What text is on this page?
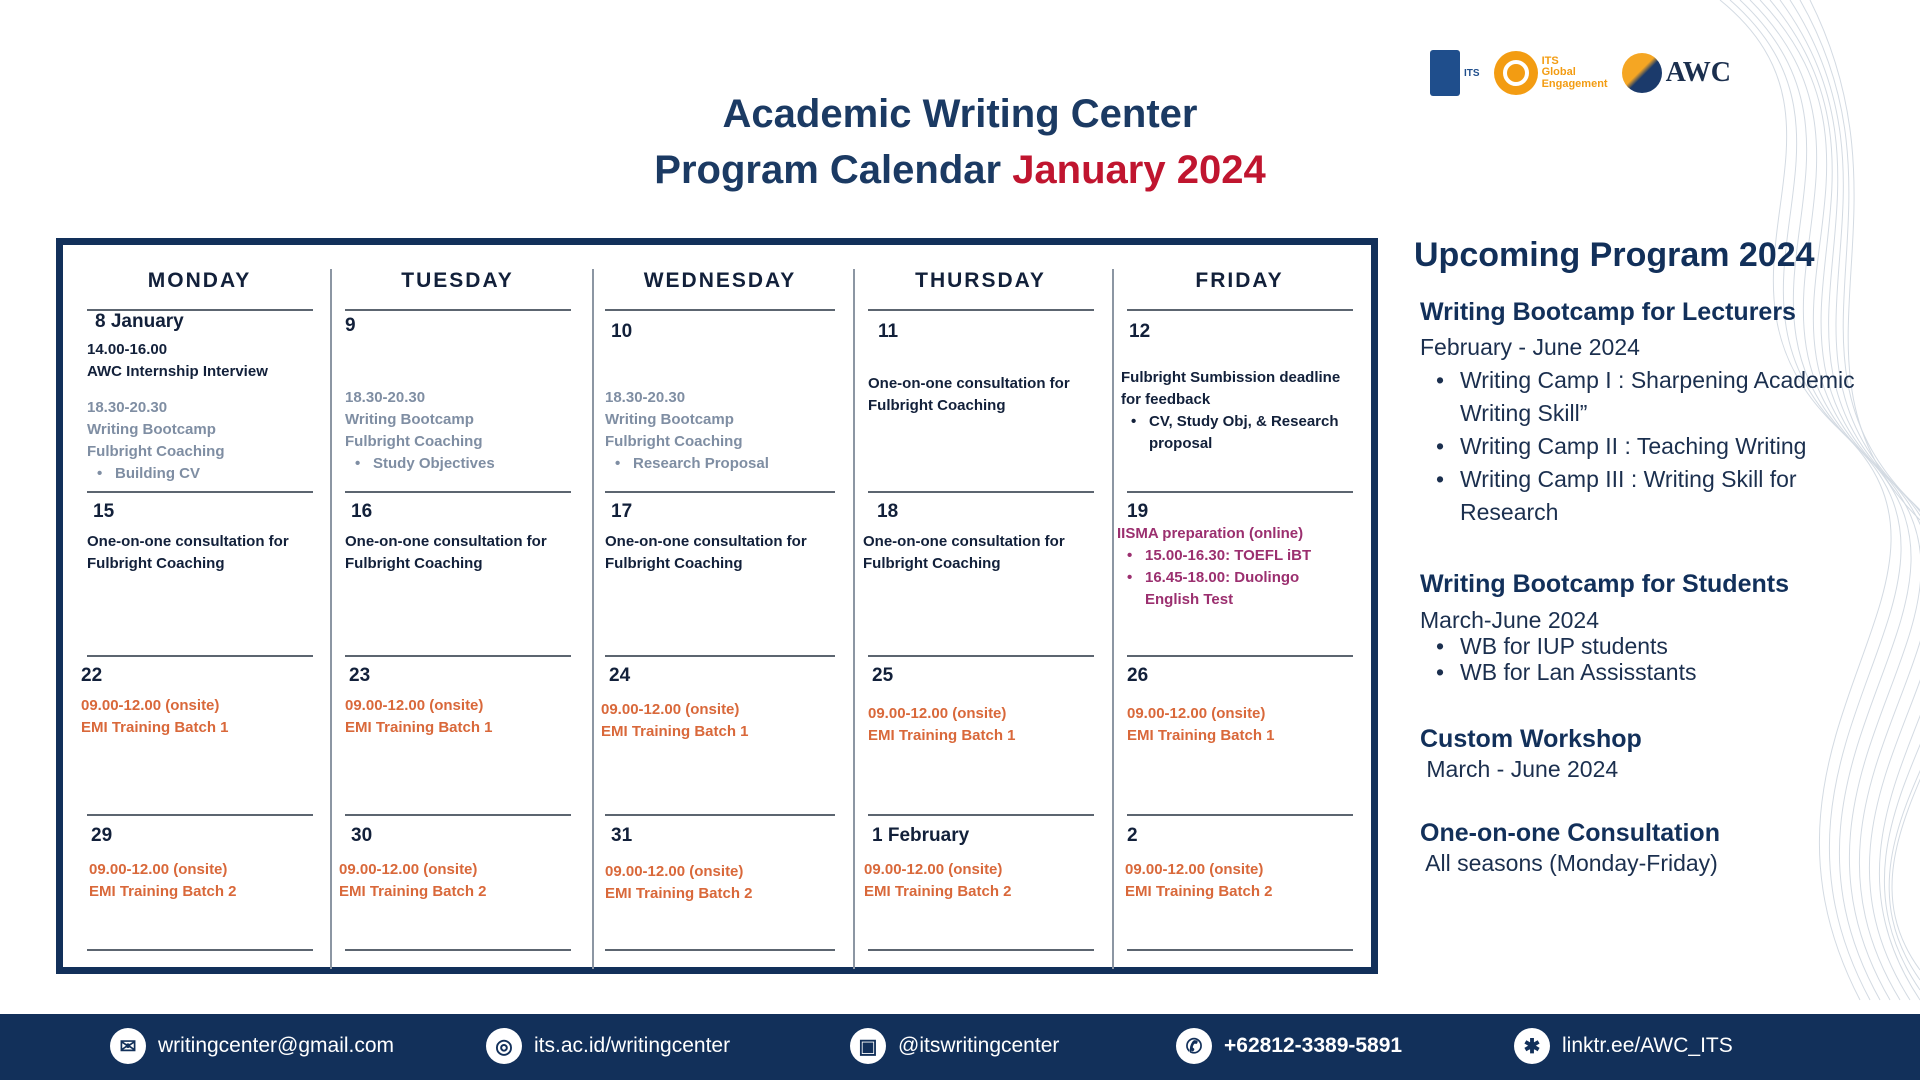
ITS
ITS
Global
Engagement AWC
Academic Writing Center
Program Calendar January 2024
MONDAY	TUESDAY	WEDNESDAY	THURSDAY	FRIDAY
8 January
14.00-16.00
AWC Internship Interview
18.30-20.30
Writing Bootcamp
Fulbright Coaching
• Building CV
9
18.30-20.30
Writing Bootcamp
Fulbright Coaching
• Study Objectives
10
18.30-20.30
Writing Bootcamp
Fulbright Coaching
• Research Proposal
11
One-on-one consultation for
Fulbright Coaching
12
Fulbright Sumbission deadline
for feedback
• CV, Study Obj, & Research
proposal
15
One-on-one consultation for
Fulbright Coaching
16
One-on-one consultation for
Fulbright Coaching
17
One-on-one consultation for
Fulbright Coaching
18
One-on-one consultation for
Fulbright Coaching
19
IISMA preparation (online)
• 15.00-16.30: TOEFL iBT
• 16.45-18.00: Duolingo
English Test
22
09.00-12.00 (onsite)
EMI Training Batch 1
23
09.00-12.00 (onsite)
EMI Training Batch 1
24
09.00-12.00 (onsite)
EMI Training Batch 1
25
09.00-12.00 (onsite)
EMI Training Batch 1
26
09.00-12.00 (onsite)
EMI Training Batch 1
29
09.00-12.00 (onsite)
EMI Training Batch 2
30
09.00-12.00 (onsite)
EMI Training Batch 2
31
09.00-12.00 (onsite)
EMI Training Batch 2
1 February
09.00-12.00 (onsite)
EMI Training Batch 2
2
09.00-12.00 (onsite)
EMI Training Batch 2
Upcoming Program 2024
Writing Bootcamp for Lecturers
February - June 2024
• Writing Camp I : Sharpening Academic Writing Skill”
• Writing Camp II : Teaching Writing
• Writing Camp III : Writing Skill for Research
Writing Bootcamp for Students
March-June 2024
• WB for IUP students
• WB for Lan Assisstants
Custom Workshop
March - June 2024
One-on-one Consultation
All seasons (Monday-Friday)
✉	writingcenter@gmail.com	◎	its.ac.id/writingcenter	▣ @itswritingcenter	✆	+62812-3389-5891	✱	linktr.ee/AWC_ITS
